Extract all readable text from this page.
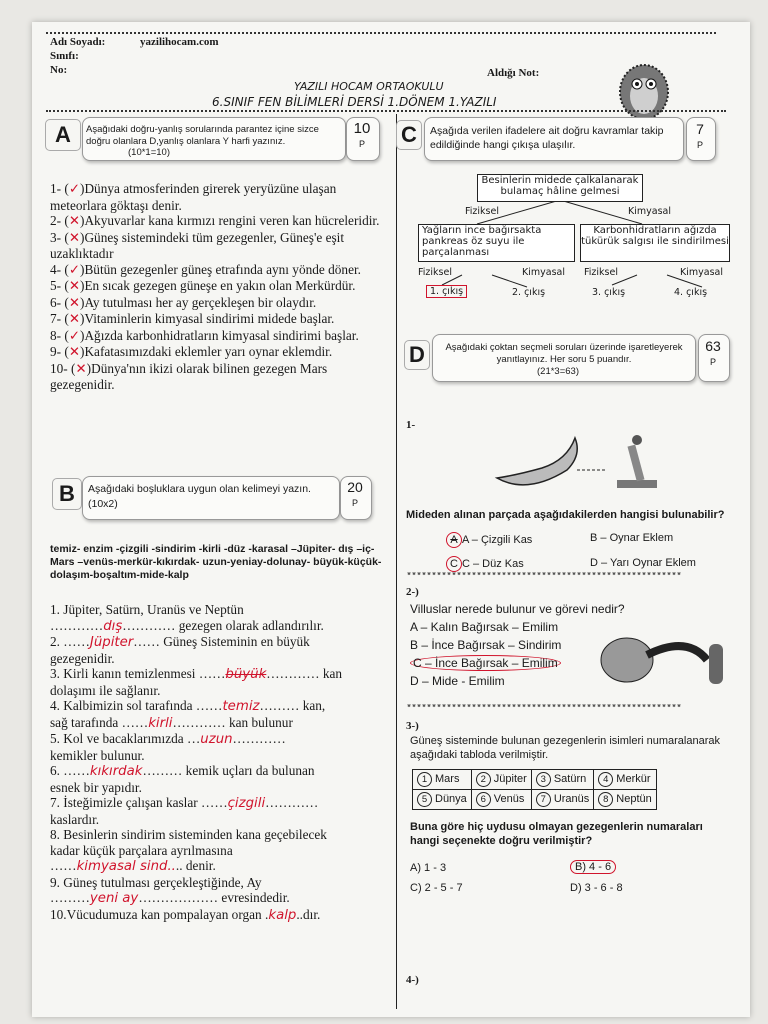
Adı Soyadı:	yazilihocam.com
Sınıfı:
No:	Aldığı Not:
YAZILI HOCAM ORTAOKULU
6.SINIF FEN BİLİMLERİ DERSİ 1.DÖNEM 1.YAZILI
A	Aşağıdaki doğru-yanlış sorularında parantez içine sizce doğru olanlara D,yanlış olanlara Y harfi yazınız.
(10*1=10)
10
P
1- (✓)Dünya atmosferinden girerek yeryüzüne ulaşan meteorlara göktaşı denir.
2- (✕)Akyuvarlar kana kırmızı rengini veren kan hücreleridir.
3- (✕)Güneş sistemindeki tüm gezegenler, Güneş'e eşit uzaklıktadır
4- (✓)Bütün gezegenler güneş etrafında aynı yönde döner.
5- (✕)En sıcak gezegen güneşe en yakın olan Merkürdür.
6- (✕)Ay tutulması her ay gerçekleşen bir olaydır.
7- (✕)Vitaminlerin kimyasal sindirimi midede başlar.
8- (✓)Ağızda karbonhidratların kimyasal sindirimi başlar.
9- (✕)Kafatasımızdaki eklemler yarı oynar eklemdir.
10- (✕)Dünya'nın ikizi olarak bilinen gezegen Mars gezegenidir.
B	Aşağıdaki boşluklara uygun olan kelimeyi yazın.
(10x2)
20
P
temiz- enzim -çizgili -sindirim -kirli -düz -karasal –Jüpiter- dış –iç-Mars –venüs-merkür-kıkırdak- uzun-yeniay-dolunay- büyük-küçük-dolaşım-boşaltım-mide-kalp
1. Jüpiter, Satürn, Uranüs ve Neptün
…………dış………… gezegen olarak adlandırılır.
2. ……Jüpiter…… Güneş Sisteminin en büyük
gezegenidir.
3. Kirli kanın temizlenmesi ……büyük………… kan
dolaşımı ile sağlanır.
4. Kalbimizin sol tarafında ……temiz……… kan,
sağ tarafında ……kirli………… kan bulunur
5. Kol ve bacaklarımızda …uzun…………
kemikler bulunur.
6. ……kıkırdak……… kemik uçları da bulunan
esnek bir yapıdır.
7. İsteğimizle çalışan kaslar ……çizgili…………
kaslardır.
8. Besinlerin sindirim sisteminden kana geçebilecek
kadar küçük parçalara ayrılmasına
……kimyasal sind.... denir.
9. Güneş tutulması gerçekleştiğinde, Ay
………yeni ay……………… evresindedir.
10.Vücudumuza kan pompalayan organ .kalp..dır.
C	Aşağıda verilen ifadelere ait doğru kavramlar takip edildiğinde hangi çıkışa ulaşılır.
7
P
Besinlerin midede çalkalanarak bulamaç hâline gelmesi
Fiziksel	Kimyasal
Yağların ince bağırsakta pankreas öz suyu ile parçalanması
Karbonhidratların ağızda tükürük salgısı ile sindirilmesi
Fiziksel	Kimyasal Fiziksel	Kimyasal
1. çıkış	2. çıkış	3. çıkış	4. çıkış
D	Aşağıdaki çoktan seçmeli soruları üzerinde işaretleyerek yanıtlayınız. Her soru 5 puandır.
(21*3=63)
63
P
1-
Mideden alınan parçada aşağıdakilerden hangisi bulunabilir?
A A – Çizgili Kas	B – Oynar Eklem
C C – Düz Kas	D – Yarı Oynar Eklem
*******************************************************
2-)
Villuslar nerede bulunur ve görevi nedir?
A – Kalın Bağırsak – Emilim
B – İnce Bağırsak – Sindirim
C – İnce Bağırsak – Emilim
D – Mide - Emilim
*******************************************************
3-)
Güneş sisteminde bulunan gezegenlerin isimleri numaralanarak aşağıdaki tabloda verilmiştir.
1 Mars	2 Jüpiter	3 Satürn	4 Merkür
5 Dünya	6 Venüs	7 Uranüs	8 Neptün
Buna göre hiç uydusu olmayan gezegenlerin numaraları hangi seçenekte doğru verilmiştir?
A) 1 - 3	B) 4 - 6
C) 2 - 5 - 7	D) 3 - 6 - 8
4-)
